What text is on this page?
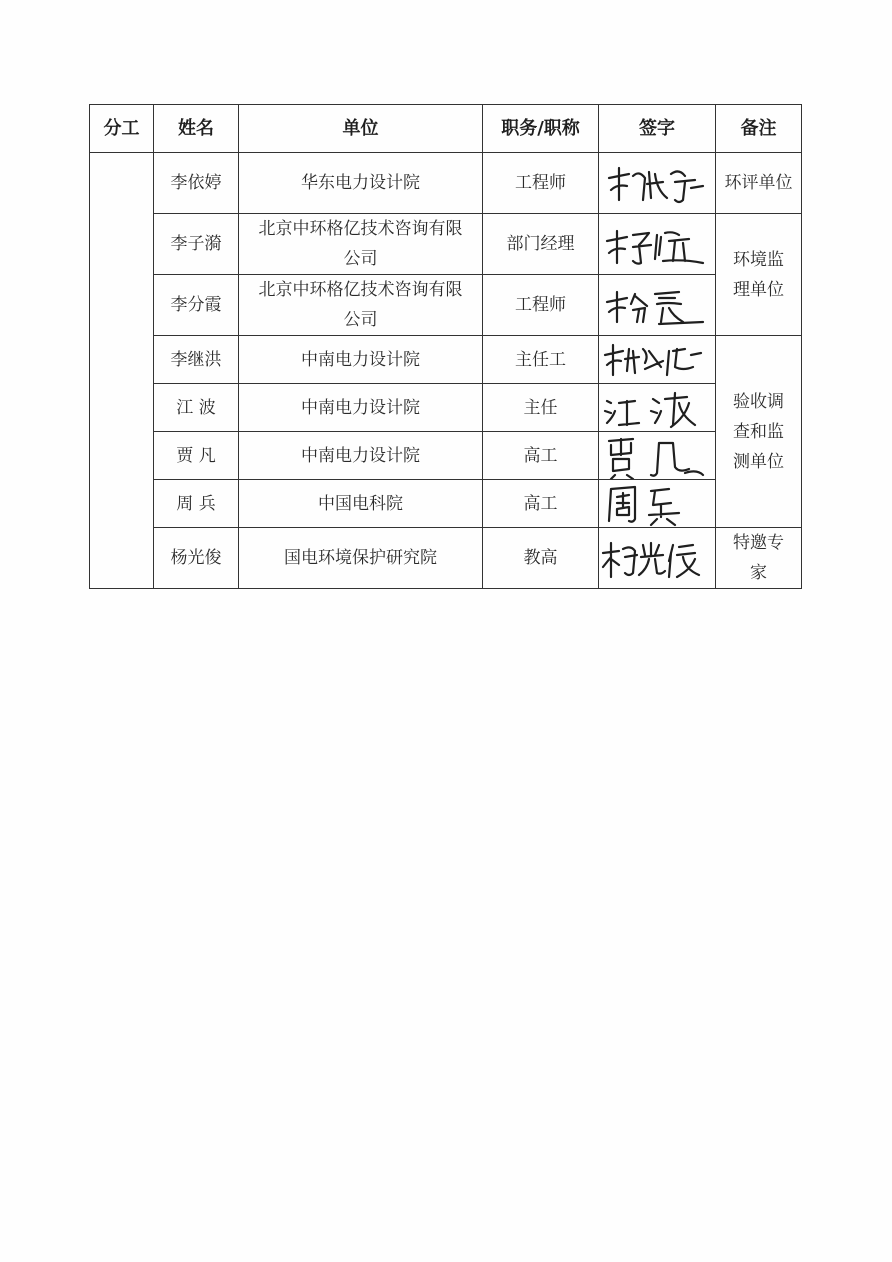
分工	姓名	单位	职务/职称	签字	备注
	李依婷	华东电力设计院	工程师		环评单位
	李子漪	北京中环格亿技术咨询有限公司	部门经理		环境监理单位
	李分霞	北京中环格亿技术咨询有限公司	工程师	

	李继洪	中南电力设计院	主任工		验收调查和监测单位
	江 波	中南电力设计院	主任	

	贾 凡	中南电力设计院	高工	

	周 兵	中国电科院	高工	

	杨光俊	国电环境保护研究院	教高		特邀专家
